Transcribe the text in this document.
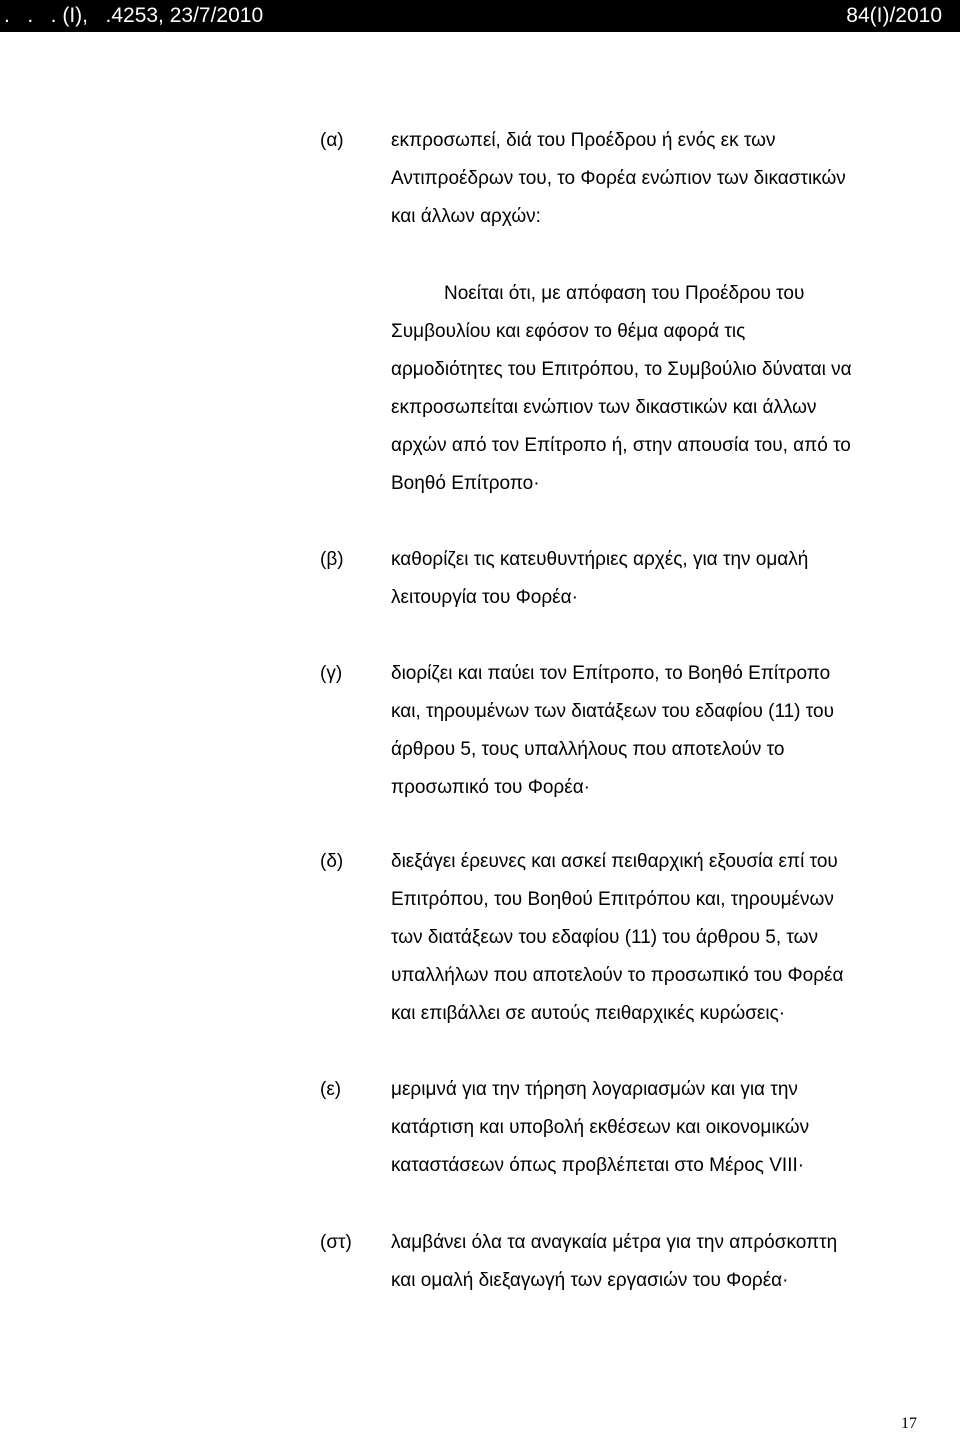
.   .   . (Ι),   .4253, 23/7/2010	84(Ι)/2010
(α) εκπροσωπεί, διά του Προέδρου ή ενός εκ των

Αντιπροέδρων του, το Φορέα ενώπιον των δικαστικών

και άλλων αρχών:

Νοείται ότι, με απόφαση του Προέδρου του

Συμβουλίου και εφόσον το θέμα αφορά τις

αρμοδιότητες του Επιτρόπου, το Συμβούλιο δύναται να

εκπροσωπείται ενώπιον των δικαστικών και άλλων

αρχών από τον Επίτροπο ή, στην απουσία του, από το

Βοηθό Επίτροπο·

(β) καθορίζει τις κατευθυντήριες αρχές, για την ομαλή

λειτουργία του Φορέα·

(γ)	διορίζει και παύει τον Επίτροπο, το Βοηθό Επίτροπο

και, τηρουμένων των διατάξεων του εδαφίου (11) του

άρθρου 5, τους υπαλλήλους που αποτελούν το

προσωπικό του Φορέα·

(δ)	διεξάγει έρευνες και ασκεί πειθαρχική εξουσία επί του

Επιτρόπου, του Βοηθού Επιτρόπου και, τηρουμένων

των διατάξεων του εδαφίου (11) του άρθρου 5, των

υπαλλήλων που αποτελούν το προσωπικό του Φορέα

και επιβάλλει σε αυτούς πειθαρχικές κυρώσεις·

(ε)	μεριμνά για την τήρηση λογαριασμών και για την

κατάρτιση και υποβολή εκθέσεων και οικονομικών

καταστάσεων όπως προβλέπεται στο Μέρος VIII·

(στ) λαμβάνει όλα τα αναγκαία μέτρα για την απρόσκοπτη

και ομαλή διεξαγωγή των εργασιών του Φορέα·

17
